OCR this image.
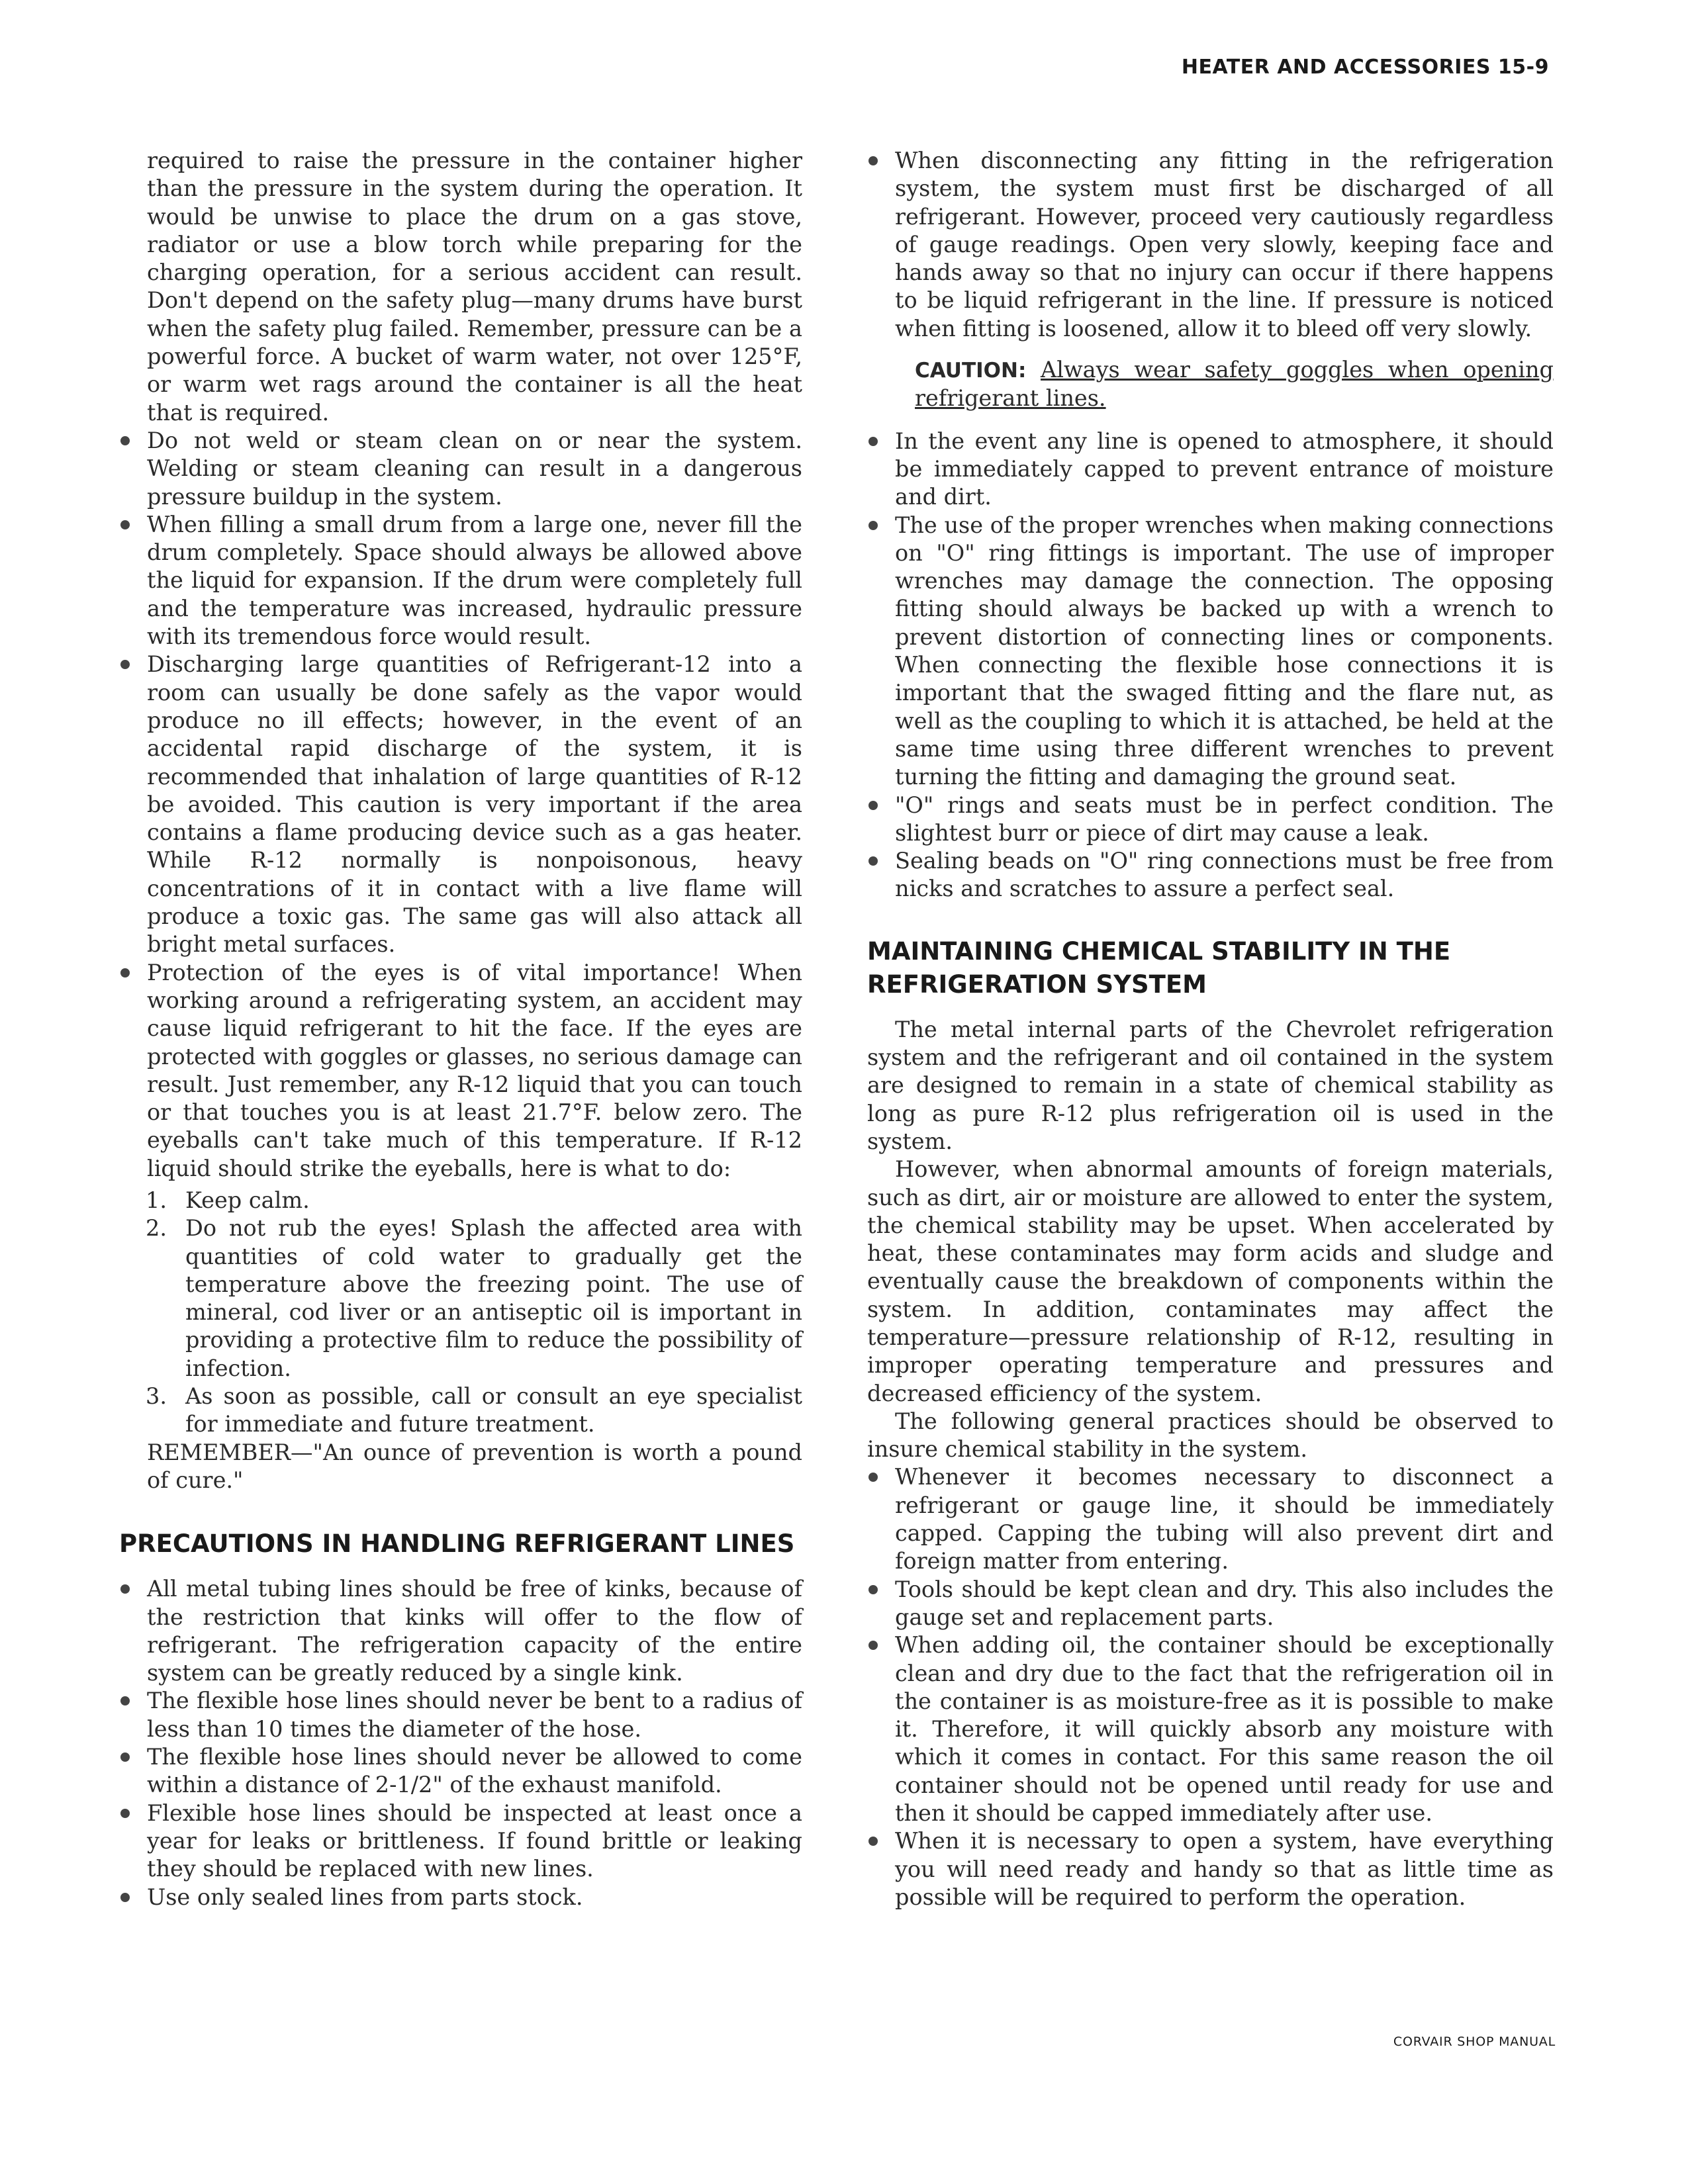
HEATER AND ACCESSORIES 15-9

required to raise the pressure in the container higher than the pressure in the system during the operation. It would be unwise to place the drum on a gas stove, radiator or use a blow torch while preparing for the charging operation, for a serious accident can result. Don't depend on the safety plug—many drums have burst when the safety plug failed. Remember, pressure can be a powerful force. A bucket of warm water, not over 125°F, or warm wet rags around the container is all the heat that is required.

Do not weld or steam clean on or near the system. Welding or steam cleaning can result in a dangerous pressure buildup in the system.

When filling a small drum from a large one, never fill the drum completely. Space should always be allowed above the liquid for expansion. If the drum were completely full and the temperature was increased, hydraulic pressure with its tremendous force would result.

Discharging large quantities of Refrigerant-12 into a room can usually be done safely as the vapor would produce no ill effects; however, in the event of an accidental rapid discharge of the system, it is recommended that inhalation of large quantities of R-12 be avoided. This caution is very important if the area contains a flame producing device such as a gas heater. While R-12 normally is nonpoisonous, heavy concentrations of it in contact with a live flame will produce a toxic gas. The same gas will also attack all bright metal surfaces.

Protection of the eyes is of vital importance! When working around a refrigerating system, an accident may cause liquid refrigerant to hit the face. If the eyes are protected with goggles or glasses, no serious damage can result. Just remember, any R-12 liquid that you can touch or that touches you is at least 21.7°F. below zero. The eyeballs can't take much of this temperature. If R-12 liquid should strike the eyeballs, here is what to do:

1. Keep calm.
2. Do not rub the eyes! Splash the affected area with quantities of cold water to gradually get the temperature above the freezing point. The use of mineral, cod liver or an antiseptic oil is important in providing a protective film to reduce the possibility of infection.
3. As soon as possible, call or consult an eye specialist for immediate and future treatment.

REMEMBER—"An ounce of prevention is worth a pound of cure."

PRECAUTIONS IN HANDLING REFRIGERANT LINES

All metal tubing lines should be free of kinks, because of the restriction that kinks will offer to the flow of refrigerant. The refrigeration capacity of the entire system can be greatly reduced by a single kink.

The flexible hose lines should never be bent to a radius of less than 10 times the diameter of the hose.

The flexible hose lines should never be allowed to come within a distance of 2-1/2" of the exhaust manifold.

Flexible hose lines should be inspected at least once a year for leaks or brittleness. If found brittle or leaking they should be replaced with new lines.

Use only sealed lines from parts stock.

When disconnecting any fitting in the refrigeration system, the system must first be discharged of all refrigerant. However, proceed very cautiously regardless of gauge readings. Open very slowly, keeping face and hands away so that no injury can occur if there happens to be liquid refrigerant in the line. If pressure is noticed when fitting is loosened, allow it to bleed off very slowly.

CAUTION: Always wear safety goggles when opening refrigerant lines.

In the event any line is opened to atmosphere, it should be immediately capped to prevent entrance of moisture and dirt.

The use of the proper wrenches when making connections on "O" ring fittings is important. The use of improper wrenches may damage the connection. The opposing fitting should always be backed up with a wrench to prevent distortion of connecting lines or components. When connecting the flexible hose connections it is important that the swaged fitting and the flare nut, as well as the coupling to which it is attached, be held at the same time using three different wrenches to prevent turning the fitting and damaging the ground seat.

"O" rings and seats must be in perfect condition. The slightest burr or piece of dirt may cause a leak.

Sealing beads on "O" ring connections must be free from nicks and scratches to assure a perfect seal.

MAINTAINING CHEMICAL STABILITY IN THE REFRIGERATION SYSTEM

The metal internal parts of the Chevrolet refrigeration system and the refrigerant and oil contained in the system are designed to remain in a state of chemical stability as long as pure R-12 plus refrigeration oil is used in the system.

However, when abnormal amounts of foreign materials, such as dirt, air or moisture are allowed to enter the system, the chemical stability may be upset. When accelerated by heat, these contaminates may form acids and sludge and eventually cause the breakdown of components within the system. In addition, contaminates may affect the temperature—pressure relationship of R-12, resulting in improper operating temperature and pressures and decreased efficiency of the system.

The following general practices should be observed to insure chemical stability in the system.

Whenever it becomes necessary to disconnect a refrigerant or gauge line, it should be immediately capped. Capping the tubing will also prevent dirt and foreign matter from entering.

Tools should be kept clean and dry. This also includes the gauge set and replacement parts.

When adding oil, the container should be exceptionally clean and dry due to the fact that the refrigeration oil in the container is as moisture-free as it is possible to make it. Therefore, it will quickly absorb any moisture with which it comes in contact. For this same reason the oil container should not be opened until ready for use and then it should be capped immediately after use.

When it is necessary to open a system, have everything you will need ready and handy so that as little time as possible will be required to perform the operation.

CORVAIR SHOP MANUAL
